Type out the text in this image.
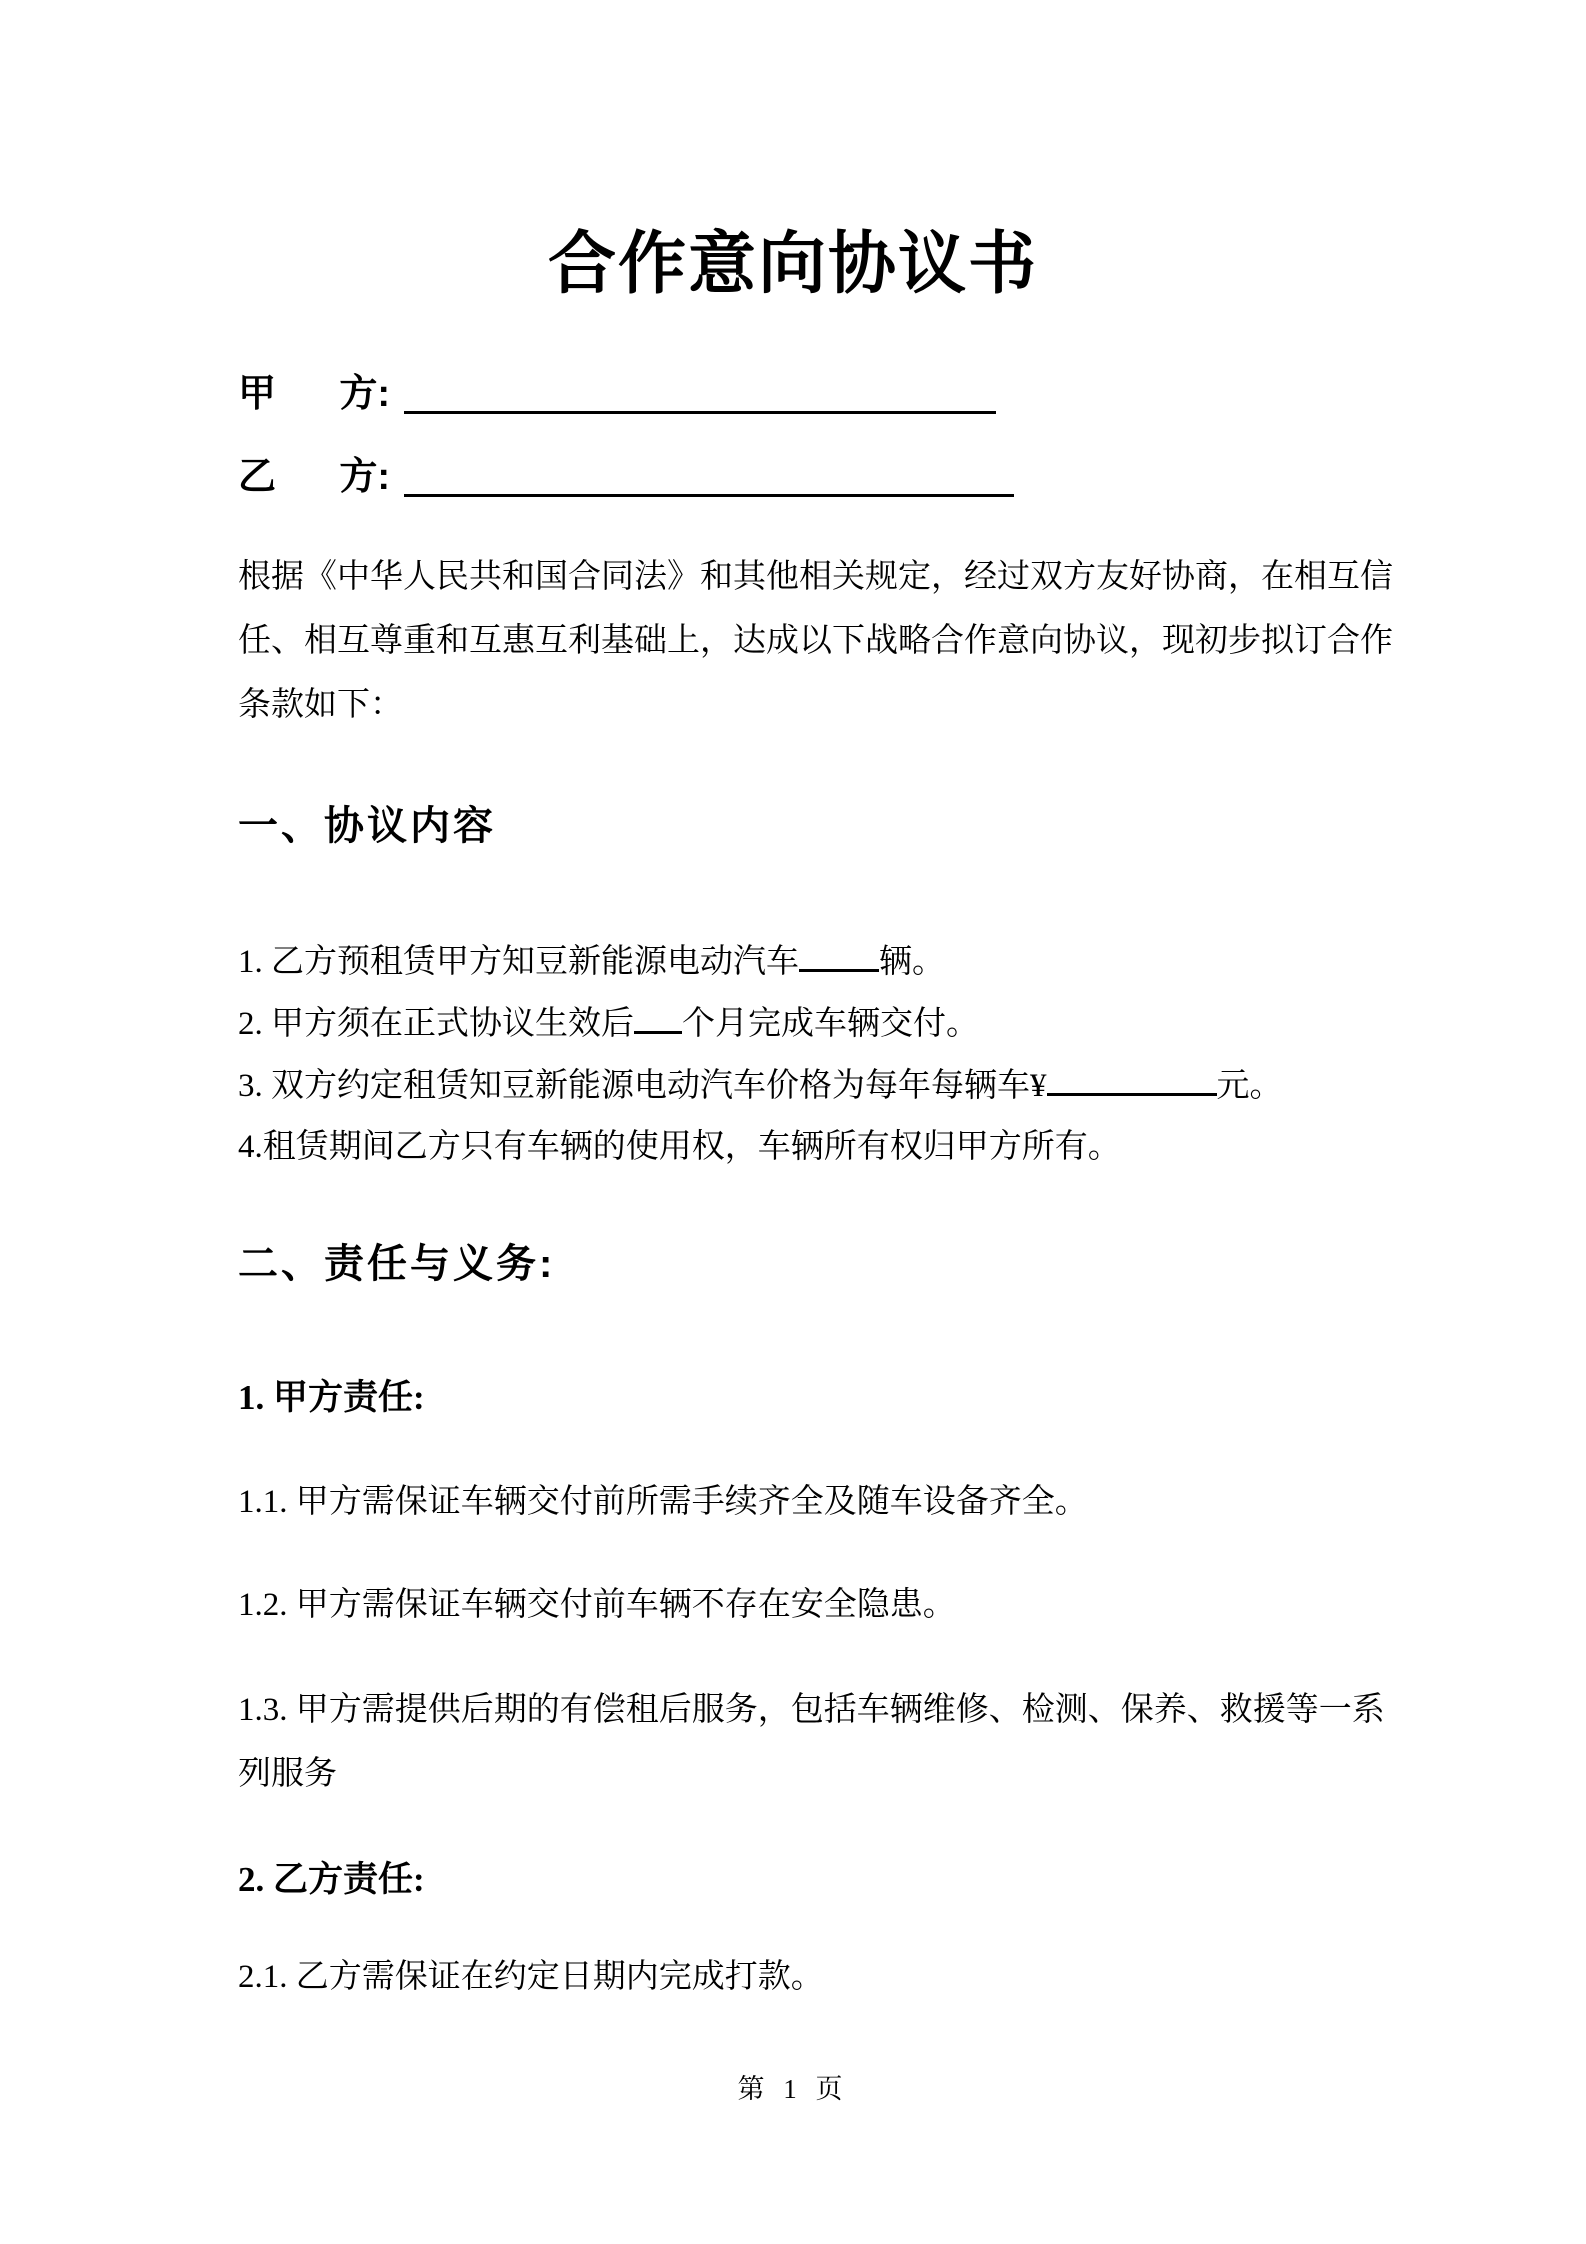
合作意向协议书
甲 方:
乙 方:
根据《中华人民共和国合同法》和其他相关规定，经过双方友好协商，在相互信
任、相互尊重和互惠互利基础上，达成以下战略合作意向协议，现初步拟订合作
条款如下：
一、协议内容
1. 乙方预租赁甲方知豆新能源电动汽车 辆。
2. 甲方须在正式协议生效后 个月完成车辆交付。
3. 双方约定租赁知豆新能源电动汽车价格为每年每辆车¥	元。
4.租赁期间乙方只有车辆的使用权，车辆所有权归甲方所有。
二、责任与义务:
1. 甲方责任:
1.1. 甲方需保证车辆交付前所需手续齐全及随车设备齐全。
1.2. 甲方需保证车辆交付前车辆不存在安全隐患。
1.3. 甲方需提供后期的有偿租后服务，包括车辆维修、检测、保养、救援等一系
列服务
2. 乙方责任:
2.1. 乙方需保证在约定日期内完成打款。
第 1 页
